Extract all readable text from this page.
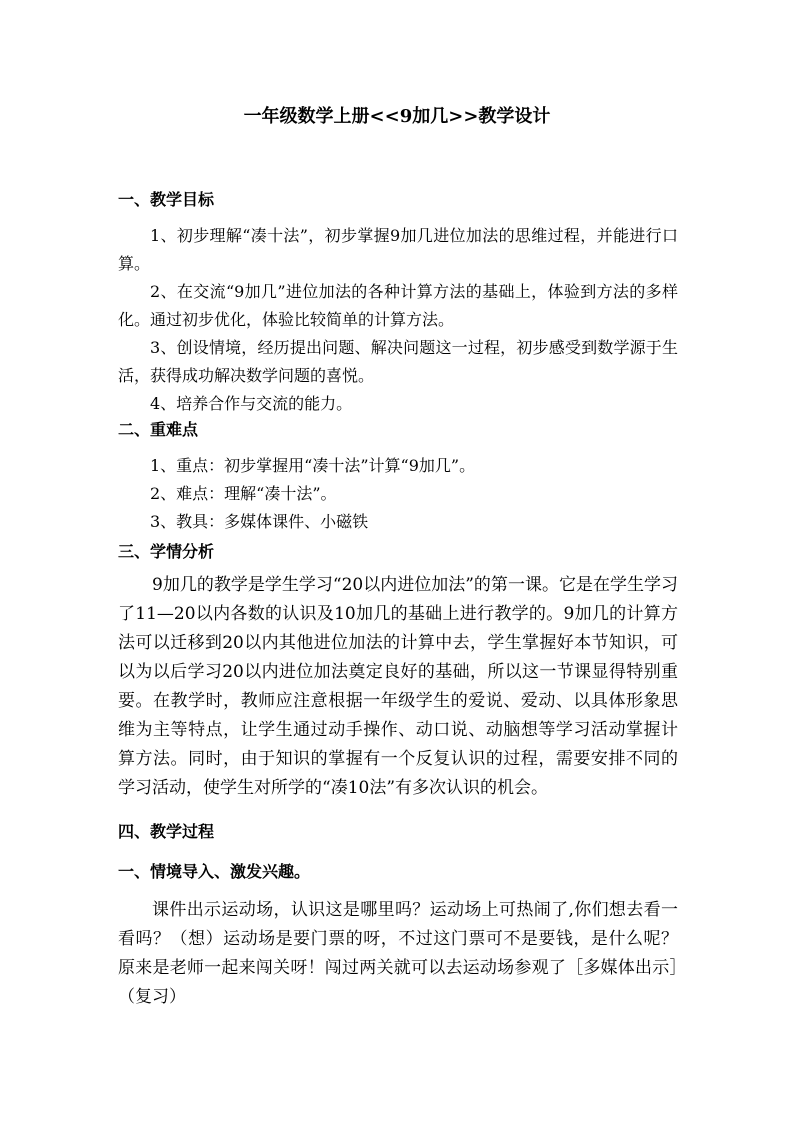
一年级数学上册<<9加几>>教学设计
一、教学目标

1、初步理解“凑十法”，初步掌握9加几进位加法的思维过程，并能进行口算。

2、在交流“9加几”进位加法的各种计算方法的基础上，体验到方法的多样化。通过初步优化，体验比较简单的计算方法。

3、创设情境，经历提出问题、解决问题这一过程，初步感受到数学源于生活，获得成功解决数学问题的喜悦。

4、培养合作与交流的能力。

二、重难点
1、重点：初步掌握用“凑十法”计算“9加几”。
2、难点：理解“凑十法”。
3、教具：多媒体课件、小磁铁
三、学情分析

9加几的教学是学生学习“20以内进位加法”的第一课。它是在学生学习了11—20以内各数的认识及10加几的基础上进行教学的。9加几的计算方法可以迁移到20以内其他进位加法的计算中去，学生掌握好本节知识，可以为以后学习20以内进位加法奠定良好的基础，所以这一节课显得特别重要。在教学时，教师应注意根据一年级学生的爱说、爱动、以具体形象思维为主等特点，让学生通过动手操作、动口说、动脑想等学习活动掌握计算方法。同时，由于知识的掌握有一个反复认识的过程，需要安排不同的学习活动，使学生对所学的“凑10法”有多次认识的机会。

四、教学过程
一、情境导入、激发兴趣。

课件出示运动场，认识这是哪里吗？运动场上可热闹了,你们想去看一看吗？（想）运动场是要门票的呀，不过这门票可不是要钱，是什么呢？原来是老师一起来闯关呀！闯过两关就可以去运动场参观了［多媒体出示］　　（复习）
